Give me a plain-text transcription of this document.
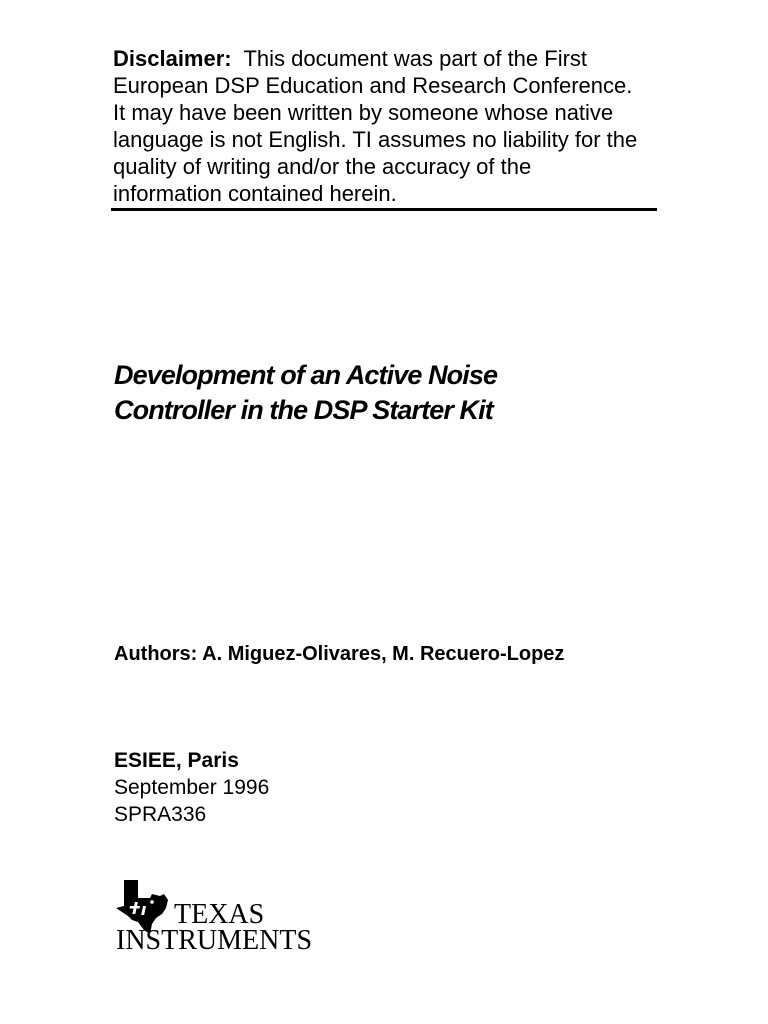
Disclaimer: This document was part of the First
European DSP Education and Research Conference.
It may have been written by someone whose native
language is not English. TI assumes no liability for the
quality of writing and/or the accuracy of the
information contained herein.
Development of an Active Noise
Controller in the DSP Starter Kit
Authors: A. Miguez-Olivares, M. Recuero-Lopez
ESIEE, Paris
September 1996
SPRA336
TEXAS
INSTRUMENTS
